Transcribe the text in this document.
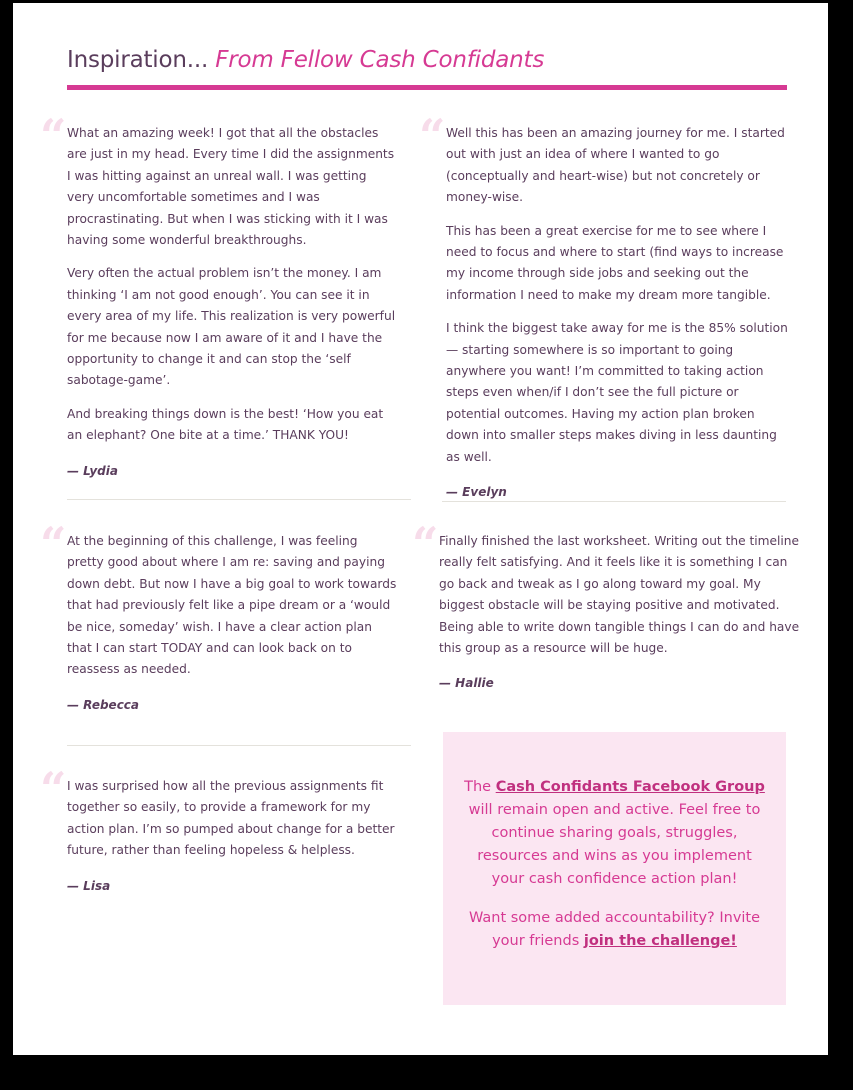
Inspiration... From Fellow Cash Confidants
“ What an amazing week! I got that all the obstacles are just in my head. Every time I did the assignments I was hitting against an unreal wall. I was getting very uncomfortable sometimes and I was procrastinating. But when I was sticking with it I was having some wonderful breakthroughs.

Very often the actual problem isn’t the money. I am thinking ‘I am not good enough’. You can see it in every area of my life. This realization is very powerful for me because now I am aware of it and I have the opportunity to change it and can stop the ‘self sabotage-game’.

And breaking things down is the best! ‘How you eat an elephant? One bite at a time.’ THANK YOU!

— Lydia
“ Well this has been an amazing journey for me. I started out with just an idea of where I wanted to go (conceptually and heart-wise) but not concretely or money-wise.

This has been a great exercise for me to see where I need to focus and where to start (find ways to increase my income through side jobs and seeking out the information I need to make my dream more tangible.

I think the biggest take away for me is the 85% solution — starting somewhere is so important to going anywhere you want! I’m committed to taking action steps even when/if I don’t see the full picture or potential outcomes. Having my action plan broken down into smaller steps makes diving in less daunting as well.

— Evelyn
“ At the beginning of this challenge, I was feeling pretty good about where I am re: saving and paying down debt. But now I have a big goal to work towards that had previously felt like a pipe dream or a ‘would be nice, someday’ wish. I have a clear action plan that I can start TODAY and can look back on to reassess as needed.

— Rebecca
“ Finally finished the last worksheet. Writing out the timeline really felt satisfying. And it feels like it is something I can go back and tweak as I go along toward my goal. My biggest obstacle will be staying positive and motivated. Being able to write down tangible things I can do and have this group as a resource will be huge.

— Hallie
“ I was surprised how all the previous assignments fit together so easily, to provide a framework for my action plan. I’m so pumped about change for a better future, rather than feeling hopeless & helpless.

— Lisa

The Cash Confidants Facebook Group will remain open and active. Feel free to continue sharing goals, struggles, resources and wins as you implement your cash confidence action plan!

Want some added accountability? Invite your friends join the challenge!
